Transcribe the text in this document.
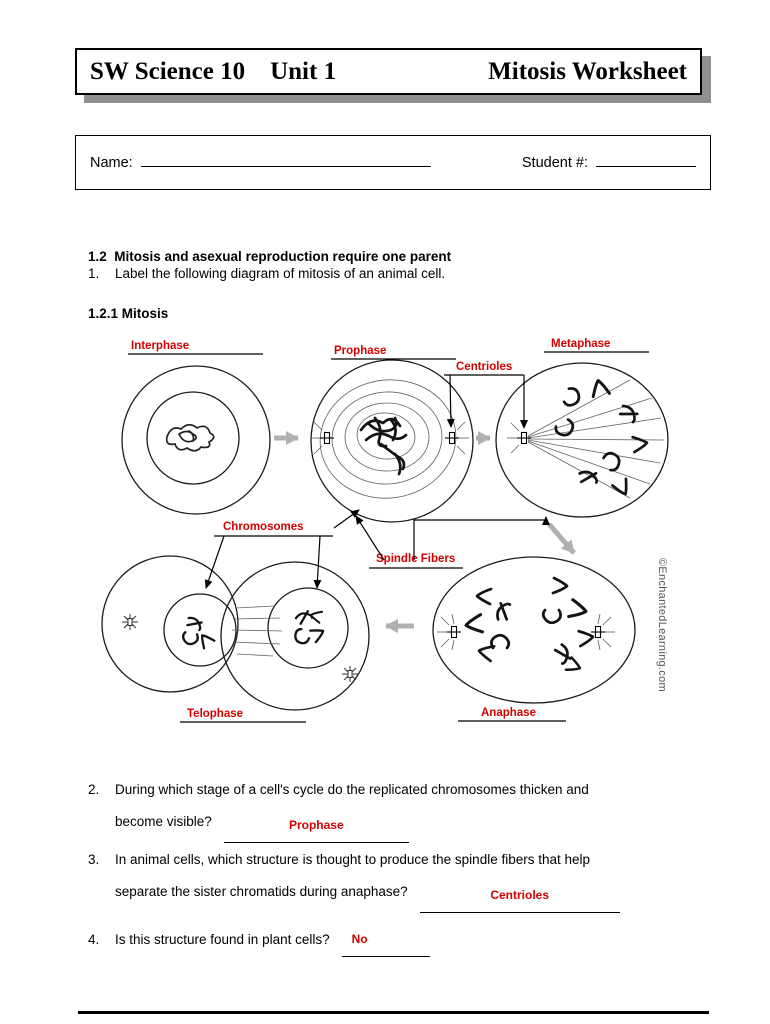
SW Science 10    Unit 1	Mitosis Worksheet
Name:	Student #:

1.2  Mitosis and asexual reproduction require one parent

1.2.1 Mitosis

1.	Label the following diagram of mitosis of an animal cell.
Interphase	Prophase
Metaphase
Centrioles
Chromosomes
Spindle Fibers
Telophase	Anaphase
©EnchantedLearning.com
2.	During which stage of a cell's cycle do the replicated chromosomes thicken and
become visible?	Prophase
3.	In animal cells, which structure is thought to produce the spindle fibers that help
separate the sister chromatids during anaphase?	Centrioles
4.	Is this structure found in plant cells?	No
